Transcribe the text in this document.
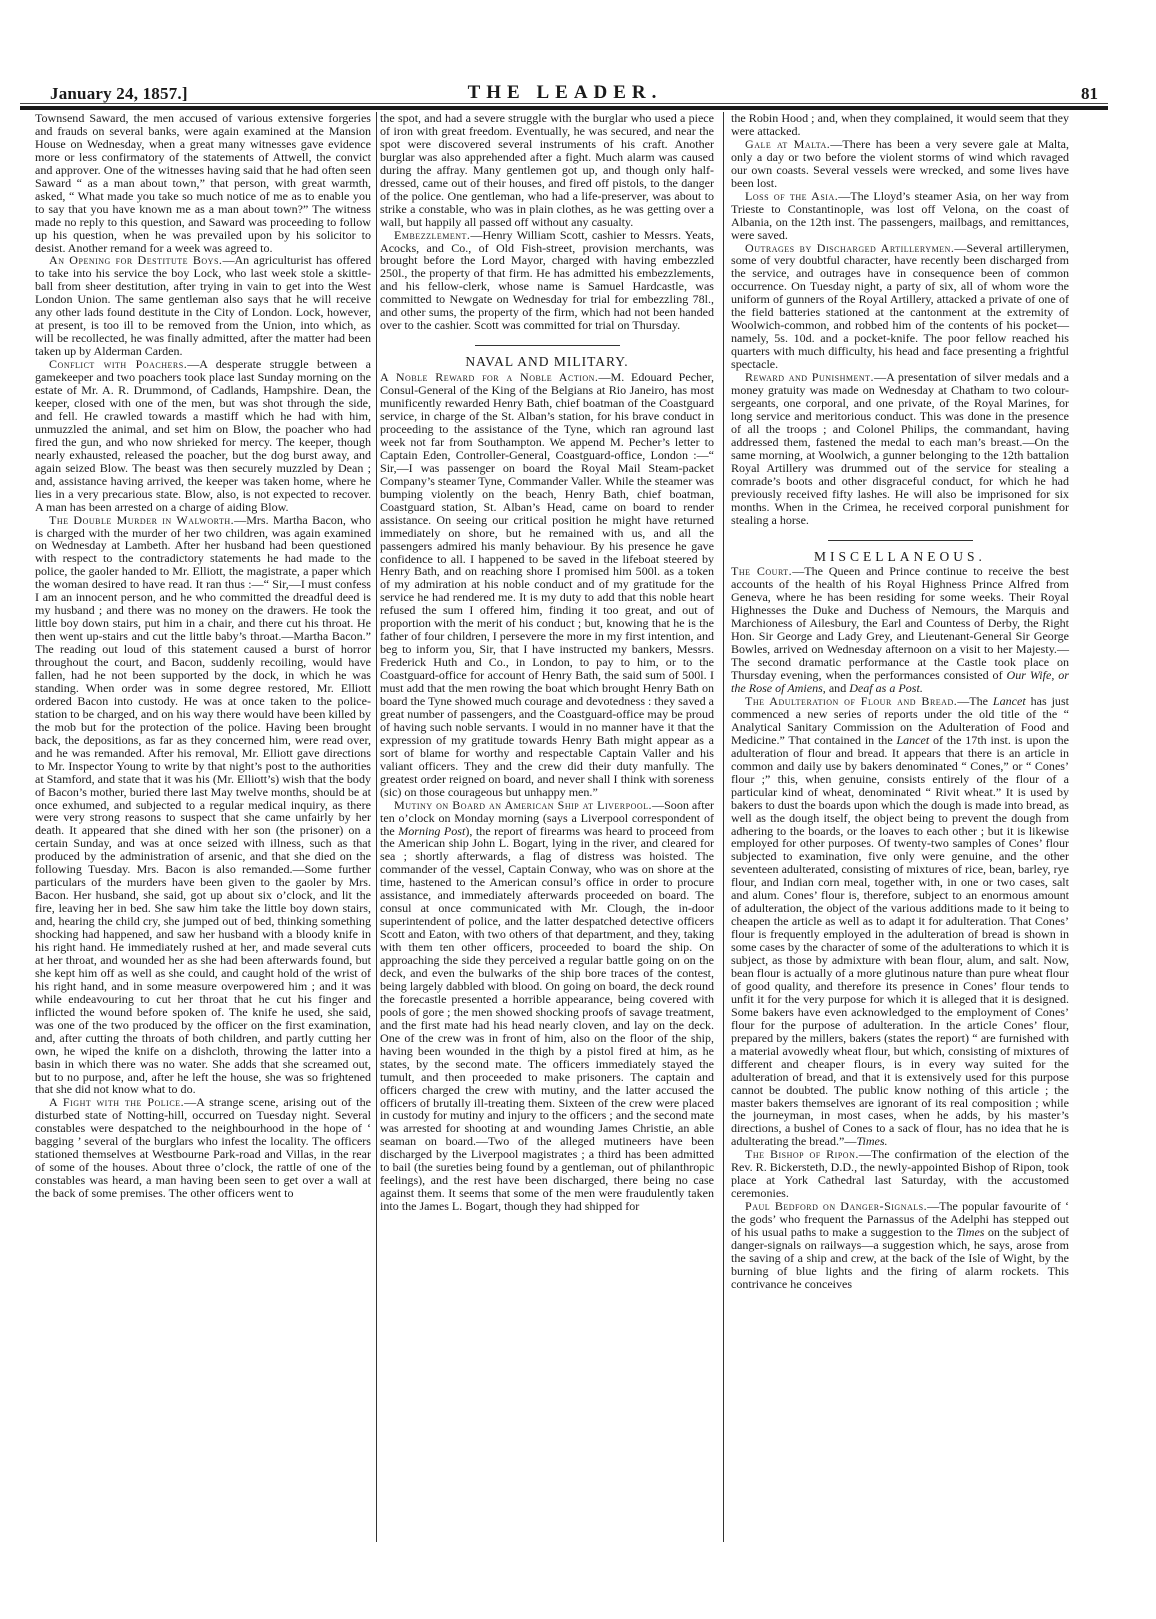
January 24, 1857.]	THE LEADER.	81

Townsend Saward, the men accused of various extensive forgeries and frauds on several banks, were again examined at the Mansion House on Wednesday, when a great many witnesses gave evidence more or less confirmatory of the statements of Attwell, the convict and approver. One of the witnesses having said that he had often seen Saward “ as a man about town,” that person, with great warmth, asked, “ What made you take so much notice of me as to enable you to say that you have known me as a man about town?” The witness made no reply to this question, and Saward was proceeding to follow up his question, when he was prevailed upon by his solicitor to desist. Another remand for a week was agreed to.

An Opening for Destitute Boys.—An agriculturist has offered to take into his service the boy Lock, who last week stole a skittle-ball from sheer destitution, after trying in vain to get into the West London Union. The same gentleman also says that he will receive any other lads found destitute in the City of London. Lock, however, at present, is too ill to be removed from the Union, into which, as will be recollected, he was finally admitted, after the matter had been taken up by Alderman Carden.

Conflict with Poachers.—A desperate struggle between a gamekeeper and two poachers took place last Sunday morning on the estate of Mr. A. R. Drummond, of Cadlands, Hampshire. Dean, the keeper, closed with one of the men, but was shot through the side, and fell. He crawled towards a mastiff which he had with him, unmuzzled the animal, and set him on Blow, the poacher who had fired the gun, and who now shrieked for mercy. The keeper, though nearly exhausted, released the poacher, but the dog burst away, and again seized Blow. The beast was then securely muzzled by Dean ; and, assistance having arrived, the keeper was taken home, where he lies in a very precarious state. Blow, also, is not expected to recover. A man has been arrested on a charge of aiding Blow.

The Double Murder in Walworth.—Mrs. Martha Bacon, who is charged with the murder of her two children, was again examined on Wednesday at Lambeth. After her husband had been questioned with respect to the contradictory statements he had made to the police, the gaoler handed to Mr. Elliott, the magistrate, a paper which the woman desired to have read. It ran thus :—“ Sir,—I must confess I am an innocent person, and he who committed the dreadful deed is my husband ; and there was no money on the drawers. He took the little boy down stairs, put him in a chair, and there cut his throat. He then went up-stairs and cut the little baby’s throat.—Martha Bacon.” The reading out loud of this statement caused a burst of horror throughout the court, and Bacon, suddenly recoiling, would have fallen, had he not been supported by the dock, in which he was standing. When order was in some degree restored, Mr. Elliott ordered Bacon into custody. He was at once taken to the police-station to be charged, and on his way there would have been killed by the mob but for the protection of the police. Having been brought back, the depositions, as far as they concerned him, were read over, and he was remanded. After his removal, Mr. Elliott gave directions to Mr. Inspector Young to write by that night’s post to the authorities at Stamford, and state that it was his (Mr. Elliott’s) wish that the body of Bacon’s mother, buried there last May twelve months, should be at once exhumed, and subjected to a regular medical inquiry, as there were very strong reasons to suspect that she came unfairly by her death. It appeared that she dined with her son (the prisoner) on a certain Sunday, and was at once seized with illness, such as that produced by the administration of arsenic, and that she died on the following Tuesday. Mrs. Bacon is also remanded.—Some further particulars of the murders have been given to the gaoler by Mrs. Bacon. Her husband, she said, got up about six o’clock, and lit the fire, leaving her in bed. She saw him take the little boy down stairs, and, hearing the child cry, she jumped out of bed, thinking something shocking had happened, and saw her husband with a bloody knife in his right hand. He immediately rushed at her, and made several cuts at her throat, and wounded her as she had been afterwards found, but she kept him off as well as she could, and caught hold of the wrist of his right hand, and in some measure overpowered him ; and it was while endeavouring to cut her throat that he cut his finger and inflicted the wound before spoken of. The knife he used, she said, was one of the two produced by the officer on the first examination, and, after cutting the throats of both children, and partly cutting her own, he wiped the knife on a dishcloth, throwing the latter into a basin in which there was no water. She adds that she screamed out, but to no purpose, and, after he left the house, she was so frightened that she did not know what to do.

A Fight with the Police.—A strange scene, arising out of the disturbed state of Notting-hill, occurred on Tuesday night. Several constables were despatched to the neighbourhood in the hope of ‘ bagging ’ several of the burglars who infest the locality. The officers stationed themselves at Westbourne Park-road and Villas, in the rear of some of the houses. About three o’clock, the rattle of one of the constables was heard, a man having been seen to get over a wall at the back of some premises. The other officers went to

the spot, and had a severe struggle with the burglar who used a piece of iron with great freedom. Eventually, he was secured, and near the spot were discovered several instruments of his craft. Another burglar was also apprehended after a fight. Much alarm was caused during the affray. Many gentlemen got up, and though only half-dressed, came out of their houses, and fired off pistols, to the danger of the police. One gentleman, who had a life-preserver, was about to strike a constable, who was in plain clothes, as he was getting over a wall, but happily all passed off without any casualty.

Embezzlement.—Henry William Scott, cashier to Messrs. Yeats, Acocks, and Co., of Old Fish-street, provision merchants, was brought before the Lord Mayor, charged with having embezzled 250l., the property of that firm. He has admitted his embezzlements, and his fellow-clerk, whose name is Samuel Hardcastle, was committed to Newgate on Wednesday for trial for embezzling 78l., and other sums, the property of the firm, which had not been handed over to the cashier. Scott was committed for trial on Thursday.

NAVAL AND MILITARY.

A Noble Reward for a Noble Action.—M. Edouard Pecher, Consul-General of the King of the Belgians at Rio Janeiro, has most munificently rewarded Henry Bath, chief boatman of the Coastguard service, in charge of the St. Alban’s station, for his brave conduct in proceeding to the assistance of the Tyne, which ran aground last week not far from Southampton. We append M. Pecher’s letter to Captain Eden, Controller-General, Coastguard-office, London :—“ Sir,—I was passenger on board the Royal Mail Steam-packet Company’s steamer Tyne, Commander Valler. While the steamer was bumping violently on the beach, Henry Bath, chief boatman, Coastguard station, St. Alban’s Head, came on board to render assistance. On seeing our critical position he might have returned immediately on shore, but he remained with us, and all the passengers admired his manly behaviour. By his presence he gave confidence to all. I happened to be saved in the lifeboat steered by Henry Bath, and on reaching shore I promised him 500l. as a token of my admiration at his noble conduct and of my gratitude for the service he had rendered me. It is my duty to add that this noble heart refused the sum I offered him, finding it too great, and out of proportion with the merit of his conduct ; but, knowing that he is the father of four children, I persevere the more in my first intention, and beg to inform you, Sir, that I have instructed my bankers, Messrs. Frederick Huth and Co., in London, to pay to him, or to the Coastguard-office for account of Henry Bath, the said sum of 500l. I must add that the men rowing the boat which brought Henry Bath on board the Tyne showed much courage and devotedness : they saved a great number of passengers, and the Coastguard-office may be proud of having such noble servants. I would in no manner have it that the expression of my gratitude towards Henry Bath might appear as a sort of blame for worthy and respectable Captain Valler and his valiant officers. They and the crew did their duty manfully. The greatest order reigned on board, and never shall I think with soreness (sic) on those courageous but unhappy men.”

Mutiny on Board an American Ship at Liverpool.—Soon after ten o’clock on Monday morning (says a Liverpool correspondent of the Morning Post), the report of firearms was heard to proceed from the American ship John L. Bogart, lying in the river, and cleared for sea ; shortly afterwards, a flag of distress was hoisted. The commander of the vessel, Captain Conway, who was on shore at the time, hastened to the American consul’s office in order to procure assistance, and immediately afterwards proceeded on board. The consul at once communicated with Mr. Clough, the in-door superintendent of police, and the latter despatched detective officers Scott and Eaton, with two others of that department, and they, taking with them ten other officers, proceeded to board the ship. On approaching the side they perceived a regular battle going on on the deck, and even the bulwarks of the ship bore traces of the contest, being largely dabbled with blood. On going on board, the deck round the forecastle presented a horrible appearance, being covered with pools of gore ; the men showed shocking proofs of savage treatment, and the first mate had his head nearly cloven, and lay on the deck. One of the crew was in front of him, also on the floor of the ship, having been wounded in the thigh by a pistol fired at him, as he states, by the second mate. The officers immediately stayed the tumult, and then proceeded to make prisoners. The captain and officers charged the crew with mutiny, and the latter accused the officers of brutally ill-treating them. Sixteen of the crew were placed in custody for mutiny and injury to the officers ; and the second mate was arrested for shooting at and wounding James Christie, an able seaman on board.—Two of the alleged mutineers have been discharged by the Liverpool magistrates ; a third has been admitted to bail (the sureties being found by a gentleman, out of philanthropic feelings), and the rest have been discharged, there being no case against them. It seems that some of the men were fraudulently taken into the James L. Bogart, though they had shipped for

the Robin Hood ; and, when they complained, it would seem that they were attacked.

Gale at Malta.—There has been a very severe gale at Malta, only a day or two before the violent storms of wind which ravaged our own coasts. Several vessels were wrecked, and some lives have been lost.

Loss of the Asia.—The Lloyd’s steamer Asia, on her way from Trieste to Constantinople, was lost off Velona, on the coast of Albania, on the 12th inst. The passengers, mailbags, and remittances, were saved.

Outrages by Discharged Artillerymen.—Several artillerymen, some of very doubtful character, have recently been discharged from the service, and outrages have in consequence been of common occurrence. On Tuesday night, a party of six, all of whom wore the uniform of gunners of the Royal Artillery, attacked a private of one of the field batteries stationed at the cantonment at the extremity of Woolwich-common, and robbed him of the contents of his pocket—namely, 5s. 10d. and a pocket-knife. The poor fellow reached his quarters with much difficulty, his head and face presenting a frightful spectacle.

Reward and Punishment.—A presentation of silver medals and a money gratuity was made on Wednesday at Chatham to two colour-sergeants, one corporal, and one private, of the Royal Marines, for long service and meritorious conduct. This was done in the presence of all the troops ; and Colonel Philips, the commandant, having addressed them, fastened the medal to each man’s breast.—On the same morning, at Woolwich, a gunner belonging to the 12th battalion Royal Artillery was drummed out of the service for stealing a comrade’s boots and other disgraceful conduct, for which he had previously received fifty lashes. He will also be imprisoned for six months. When in the Crimea, he received corporal punishment for stealing a horse.

MISCELLANEOUS.

The Court.—The Queen and Prince continue to receive the best accounts of the health of his Royal Highness Prince Alfred from Geneva, where he has been residing for some weeks. Their Royal Highnesses the Duke and Duchess of Nemours, the Marquis and Marchioness of Ailesbury, the Earl and Countess of Derby, the Right Hon. Sir George and Lady Grey, and Lieutenant-General Sir George Bowles, arrived on Wednesday afternoon on a visit to her Majesty.—The second dramatic performance at the Castle took place on Thursday evening, when the performances consisted of Our Wife, or the Rose of Amiens, and Deaf as a Post.

The Adulteration of Flour and Bread.—The Lancet has just commenced a new series of reports under the old title of the “ Analytical Sanitary Commission on the Adulteration of Food and Medicine.” That contained in the Lancet of the 17th inst. is upon the adulteration of flour and bread. It appears that there is an article in common and daily use by bakers denominated “ Cones,” or “ Cones’ flour ;” this, when genuine, consists entirely of the flour of a particular kind of wheat, denominated “ Rivit wheat.” It is used by bakers to dust the boards upon which the dough is made into bread, as well as the dough itself, the object being to prevent the dough from adhering to the boards, or the loaves to each other ; but it is likewise employed for other purposes. Of twenty-two samples of Cones’ flour subjected to examination, five only were genuine, and the other seventeen adulterated, consisting of mixtures of rice, bean, barley, rye flour, and Indian corn meal, together with, in one or two cases, salt and alum. Cones’ flour is, therefore, subject to an enormous amount of adulteration, the object of the various additions made to it being to cheapen the article as well as to adapt it for adulteration. That Cones’ flour is frequently employed in the adulteration of bread is shown in some cases by the character of some of the adulterations to which it is subject, as those by admixture with bean flour, alum, and salt. Now, bean flour is actually of a more glutinous nature than pure wheat flour of good quality, and therefore its presence in Cones’ flour tends to unfit it for the very purpose for which it is alleged that it is designed. Some bakers have even acknowledged to the employment of Cones’ flour for the purpose of adulteration. In the article Cones’ flour, prepared by the millers, bakers (states the report) “ are furnished with a material avowedly wheat flour, but which, consisting of mixtures of different and cheaper flours, is in every way suited for the adulteration of bread, and that it is extensively used for this purpose cannot be doubted. The public know nothing of this article ; the master bakers themselves are ignorant of its real composition ; while the journeyman, in most cases, when he adds, by his master’s directions, a bushel of Cones to a sack of flour, has no idea that he is adulterating the bread.”—Times.

The Bishop of Ripon.—The confirmation of the election of the Rev. R. Bickersteth, D.D., the newly-appointed Bishop of Ripon, took place at York Cathedral last Saturday, with the accustomed ceremonies.

Paul Bedford on Danger-Signals.—The popular favourite of ‘ the gods’ who frequent the Parnassus of the Adelphi has stepped out of his usual paths to make a suggestion to the Times on the subject of danger-signals on railways—a suggestion which, he says, arose from the saving of a ship and crew, at the back of the Isle of Wight, by the burning of blue lights and the firing of alarm rockets. This contrivance he conceives
